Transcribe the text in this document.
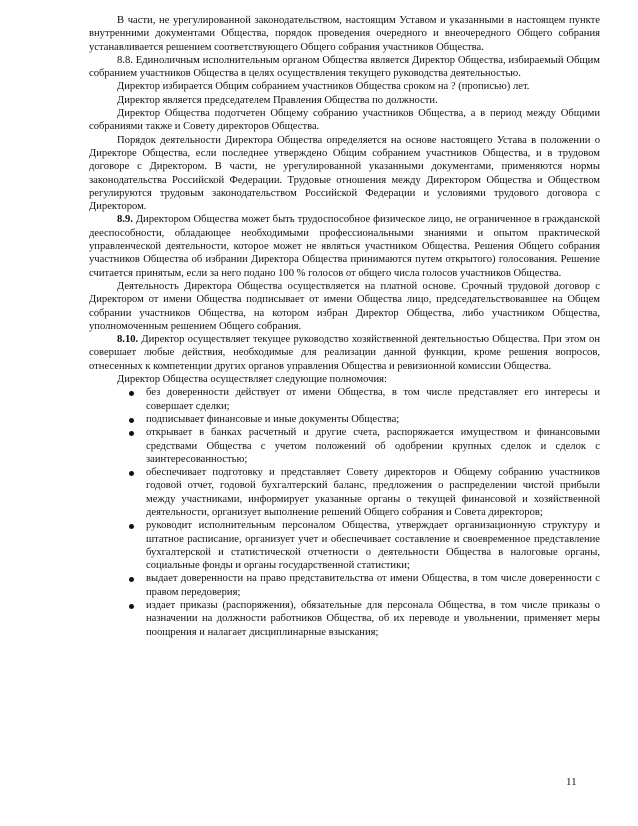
В части, не урегулированной законодательством, настоящим Уставом и указанными в настоящем пункте внутренними документами Общества, порядок проведения очередного и внеочередного Общего собрания устанавливается решением соответствующего Общего собрания участников Общества.

8.8. Единоличным исполнительным органом Общества является Директор Общества, избираемый Общим собранием участников Общества в целях осуществления текущего руководства деятельностью.

Директор избирается Общим собранием участников Общества сроком на ? (прописью) лет.

Директор является председателем Правления Общества по должности.

Директор Общества подотчетен Общему собранию участников Общества, а в период между Общими собраниями также и Совету директоров Общества.

Порядок деятельности Директора Общества определяется на основе настоящего Устава в положении о Директоре Общества, если последнее утверждено Общим собранием участников Общества, и в трудовом договоре с Директором. В части, не урегулированной указанными документами, применяются нормы законодательства Российской Федерации. Трудовые отношения между Директором Общества и Обществом регулируются трудовым законодательством Российской Федерации и условиями трудового договора с Директором.

8.9. Директором Общества может быть трудоспособное физическое лицо, не ограниченное в гражданской дееспособности, обладающее необходимыми профессиональными знаниями и опытом практической управленческой деятельности, которое может не являться участником Общества. Решения Общего собрания участников Общества об избрании Директора Общества принимаются путем открытого) голосования. Решение считается принятым, если за него подано 100 % голосов от общего числа голосов участников Общества.

Деятельность Директора Общества осуществляется на платной основе. Срочный трудовой договор с Директором от имени Общества подписывает от имени Общества лицо, председательствовавшее на Общем собрании участников Общества, на котором избран Директор Общества, либо участником Общества, уполномоченным решением Общего собрания.

8.10. Директор осуществляет текущее руководство хозяйственной деятельностью Общества. При этом он совершает любые действия, необходимые для реализации данной функции, кроме решения вопросов, отнесенных к компетенции других органов управления Общества и ревизионной комиссии Общества.

Директор Общества осуществляет следующие полномочия:

без доверенности действует от имени Общества, в том числе представляет его интересы и совершает сделки;
подписывает финансовые и иные документы Общества;
открывает в банках расчетный и другие счета, распоряжается имуществом и финансовыми средствами Общества с учетом положений об одобрении крупных сделок и сделок с заинтересованностью;
обеспечивает подготовку и представляет Совету директоров и Общему собранию участников годовой отчет, годовой бухгалтерский баланс, предложения о распределении чистой прибыли между участниками, информирует указанные органы о текущей финансовой и хозяйственной деятельности, организует выполнение решений Общего собрания и Совета директоров;
руководит исполнительным персоналом Общества, утверждает организационную структуру и штатное расписание, организует учет и обеспечивает составление и своевременное представление бухгалтерской и статистической отчетности о деятельности Общества в налоговые органы, социальные фонды и органы государственной статистики;
выдает доверенности на право представительства от имени Общества, в том числе доверенности с правом передоверия;
издает приказы (распоряжения), обязательные для персонала Общества, в том числе приказы о назначении на должности работников Общества, об их переводе и увольнении, применяет меры поощрения и налагает дисциплинарные взыскания;
11
